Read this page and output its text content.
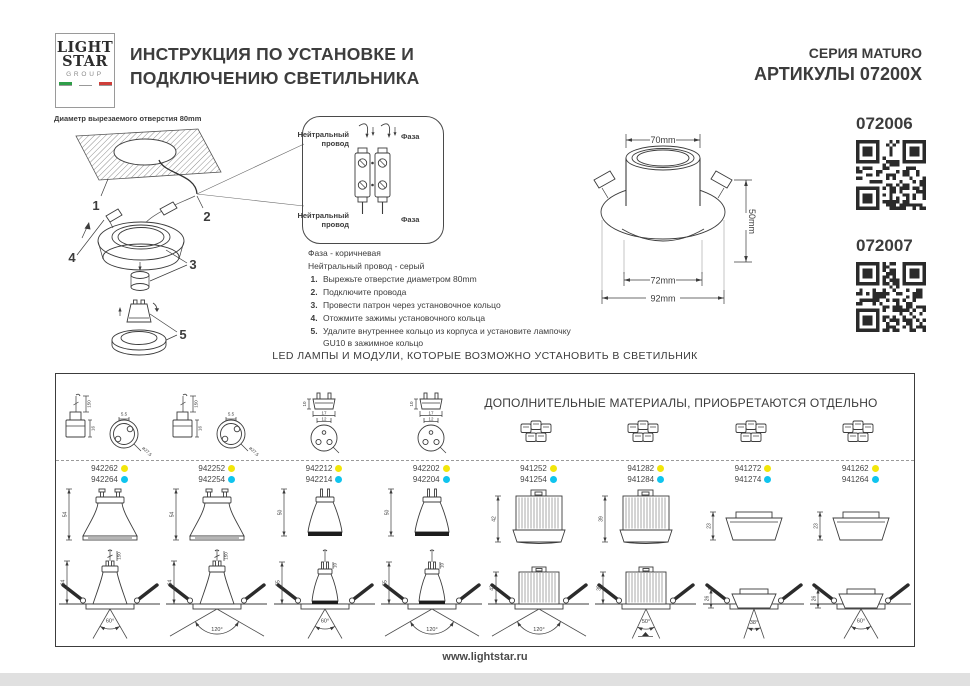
LIGHT
STAR
GROUP
ИНСТРУКЦИЯ ПО УСТАНОВКЕ И
ПОДКЛЮЧЕНИЮ СВЕТИЛЬНИКА
СЕРИЯ MATURO
АРТИКУЛЫ 07200X
Диаметр вырезаемого отверстия 80mm
1
2
4	3
5
Нейтральный
провод
Фаза
Нейтральный
провод
Фаза
Фаза - коричневая
Нейтральный провод - серый
1. Вырежьте отверстие диаметром 80mm
2. Подключите провода
3. Провести патрон через установочное кольцо
4. Отожмите зажимы установочного кольца
5. Удалите внутреннее кольцо из корпуса и установите лампочку GU10 в зажимное кольцо
70mm
50mm
72mm
92mm
072006
072007
LED ЛАМПЫ И МОДУЛИ, КОТОРЫЕ ВОЗМОЖНО УСТАНОВИТЬ В СВЕТИЛЬНИК
ДОПОЛНИТЕЛЬНЫЕ МАТЕРИАЛЫ, ПРИОБРЕТАЮТСЯ ОТДЕЛЬНО
150
16
5.5
ø27.5
942262
942264
54
150
64
60°
150
16
5.5
ø27.5
942252
942254
54
150
64
120°
10
17
12
942212
942214
50
10
55
60°
10
17
12
942202
942204
50
10
55
120°
941252
941254
42
42
120°
941282
941284
39
39
50°
941272
941274
23
26
38°
941262
941264
23
26
60°
www.lightstar.ru
